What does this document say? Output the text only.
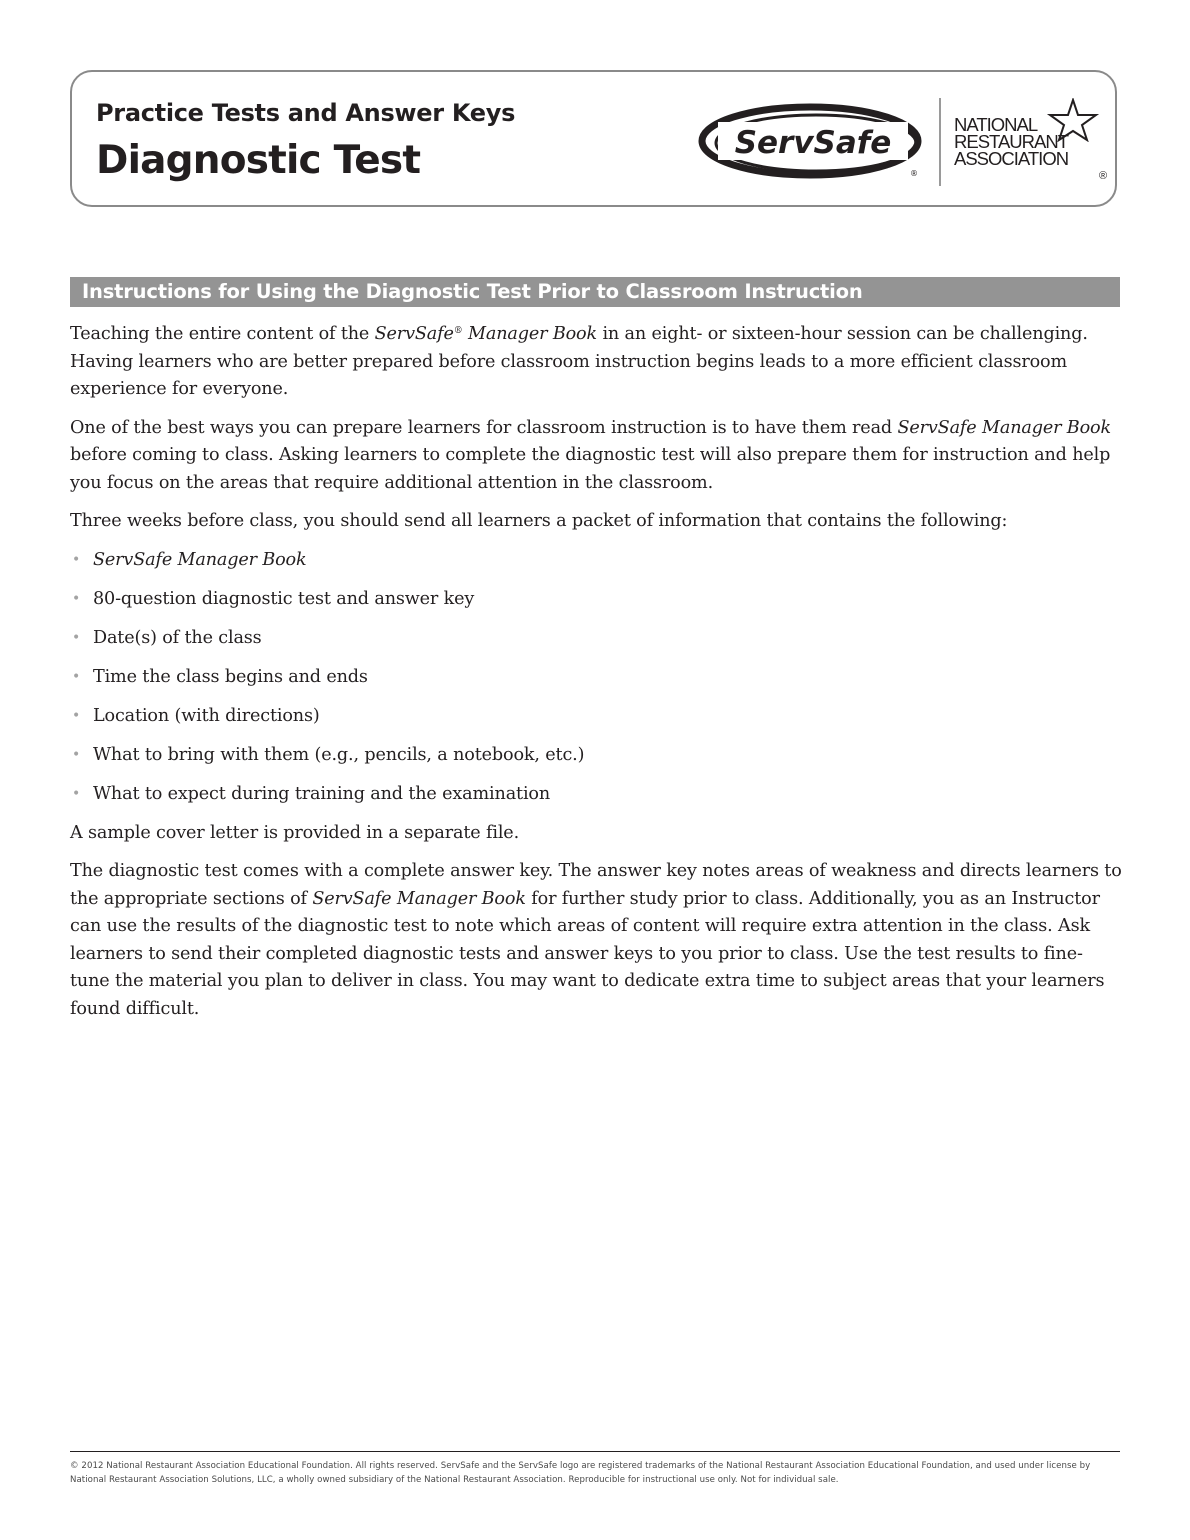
Practice Tests and Answer Keys
Diagnostic Test	ServSafe
®
NATIONAL
RESTAURANT
ASSOCIATION
®
Instructions for Using the Diagnostic Test Prior to Classroom Instruction

Teaching the entire content of the ServSafe® Manager Book in an eight- or sixteen-hour session can be challenging. Having learners who are better prepared before classroom instruction begins leads to a more efficient classroom experience for everyone.

One of the best ways you can prepare learners for classroom instruction is to have them read ServSafe Manager Book before coming to class. Asking learners to complete the diagnostic test will also prepare them for instruction and help you focus on the areas that require additional attention in the classroom.

Three weeks before class, you should send all learners a packet of information that contains the following:

• ServSafe Manager Book
• 80-question diagnostic test and answer key
• Date(s) of the class
• Time the class begins and ends
• Location (with directions)
• What to bring with them (e.g., pencils, a notebook, etc.)
• What to expect during training and the examination

A sample cover letter is provided in a separate file.

The diagnostic test comes with a complete answer key. The answer key notes areas of weakness and directs learners to the appropriate sections of ServSafe Manager Book for further study prior to class. Additionally, you as an Instructor can use the results of the diagnostic test to note which areas of content will require extra attention in the class. Ask learners to send their completed diagnostic tests and answer keys to you prior to class. Use the test results to fine-tune the material you plan to deliver in class. You may want to dedicate extra time to subject areas that your learners found difficult.

© 2012 National Restaurant Association Educational Foundation. All rights reserved. ServSafe and the ServSafe logo are registered trademarks of the National Restaurant Association Educational Foundation, and used under license by National Restaurant Association Solutions, LLC, a wholly owned subsidiary of the National Restaurant Association. Reproducible for instructional use only. Not for individual sale.
